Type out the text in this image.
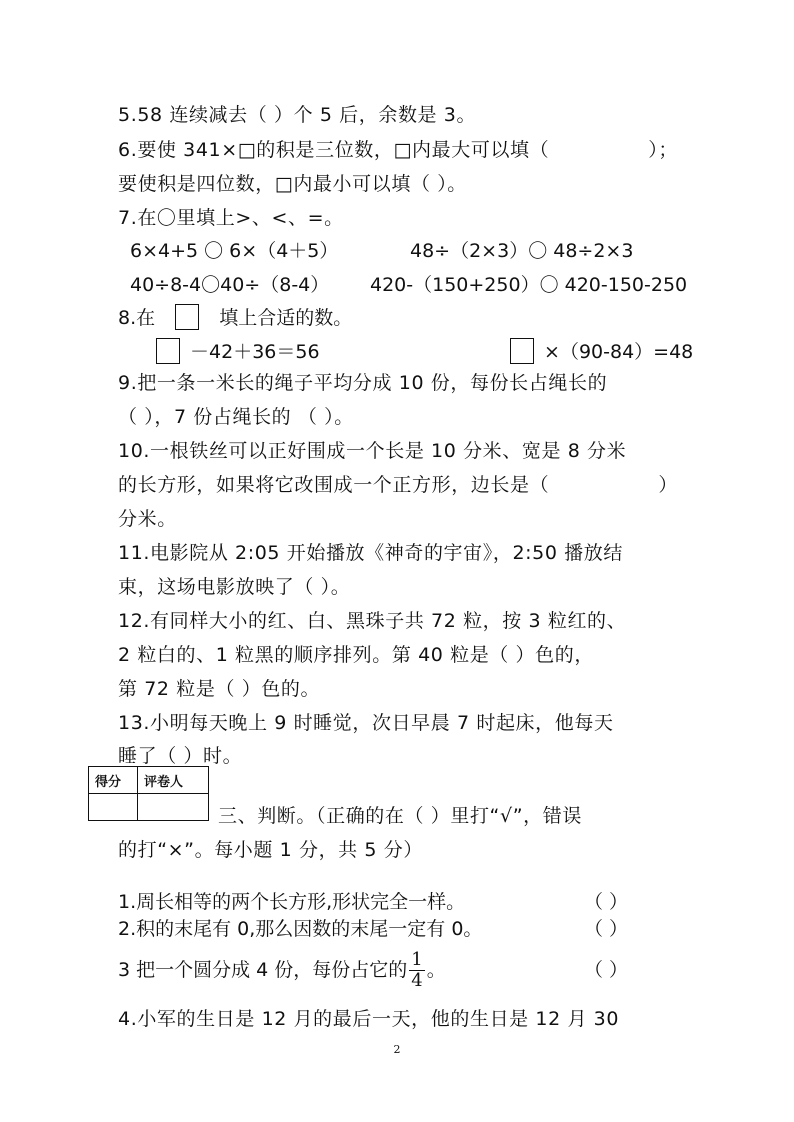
5.58 连续减去（ ）个 5 后，余数是 3。
6.要使 341×□的积是三位数，□内最大可以填（	）；
要使积是四位数，□内最小可以填（ ）。
7.在〇里填上>、<、=。
6×4+5 〇 6×（4＋5）	48÷（2×3）〇 48÷2×3
40÷8-4〇40÷（8-4） 420-（150+250）〇 420-150-250
8.在	填上合适的数。
－42＋36＝56	×（90-84）=48
9.把一条一米长的绳子平均分成 10 份，每份长占绳长的
（ ），7 份占绳长的 （ ）。
10.一根铁丝可以正好围成一个长是 10 分米、宽是 8 分米
的长方形，如果将它改围成一个正方形，边长是（	）
分米。
11.电影院从 2:05 开始播放《神奇的宇宙》，2:50 播放结
束，这场电影放映了（ ）。
12.有同样大小的红、白、黑珠子共 72 粒，按 3 粒红的、
2 粒白的、1 粒黑的顺序排列。第 40 粒是（ ）色的，
第 72 粒是（ ）色的。
13.小明每天晚上 9 时睡觉，次日早晨 7 时起床，他每天
睡了（ ）时。
得分	评卷人

三、判断。（正确的在（ ）里打“√”，错误
的打“×”。每小题 1 分，共 5 分）
1.周长相等的两个长方形,形状完全一样。	（ ）
2.积的末尾有 0,那么因数的末尾一定有 0。	（ ）
3 把一个圆分成 4 份，每份占它的 $\frac{1}{4}$ 。	（ ）
4.小军的生日是 12 月的最后一天，他的生日是 12 月 30
2
